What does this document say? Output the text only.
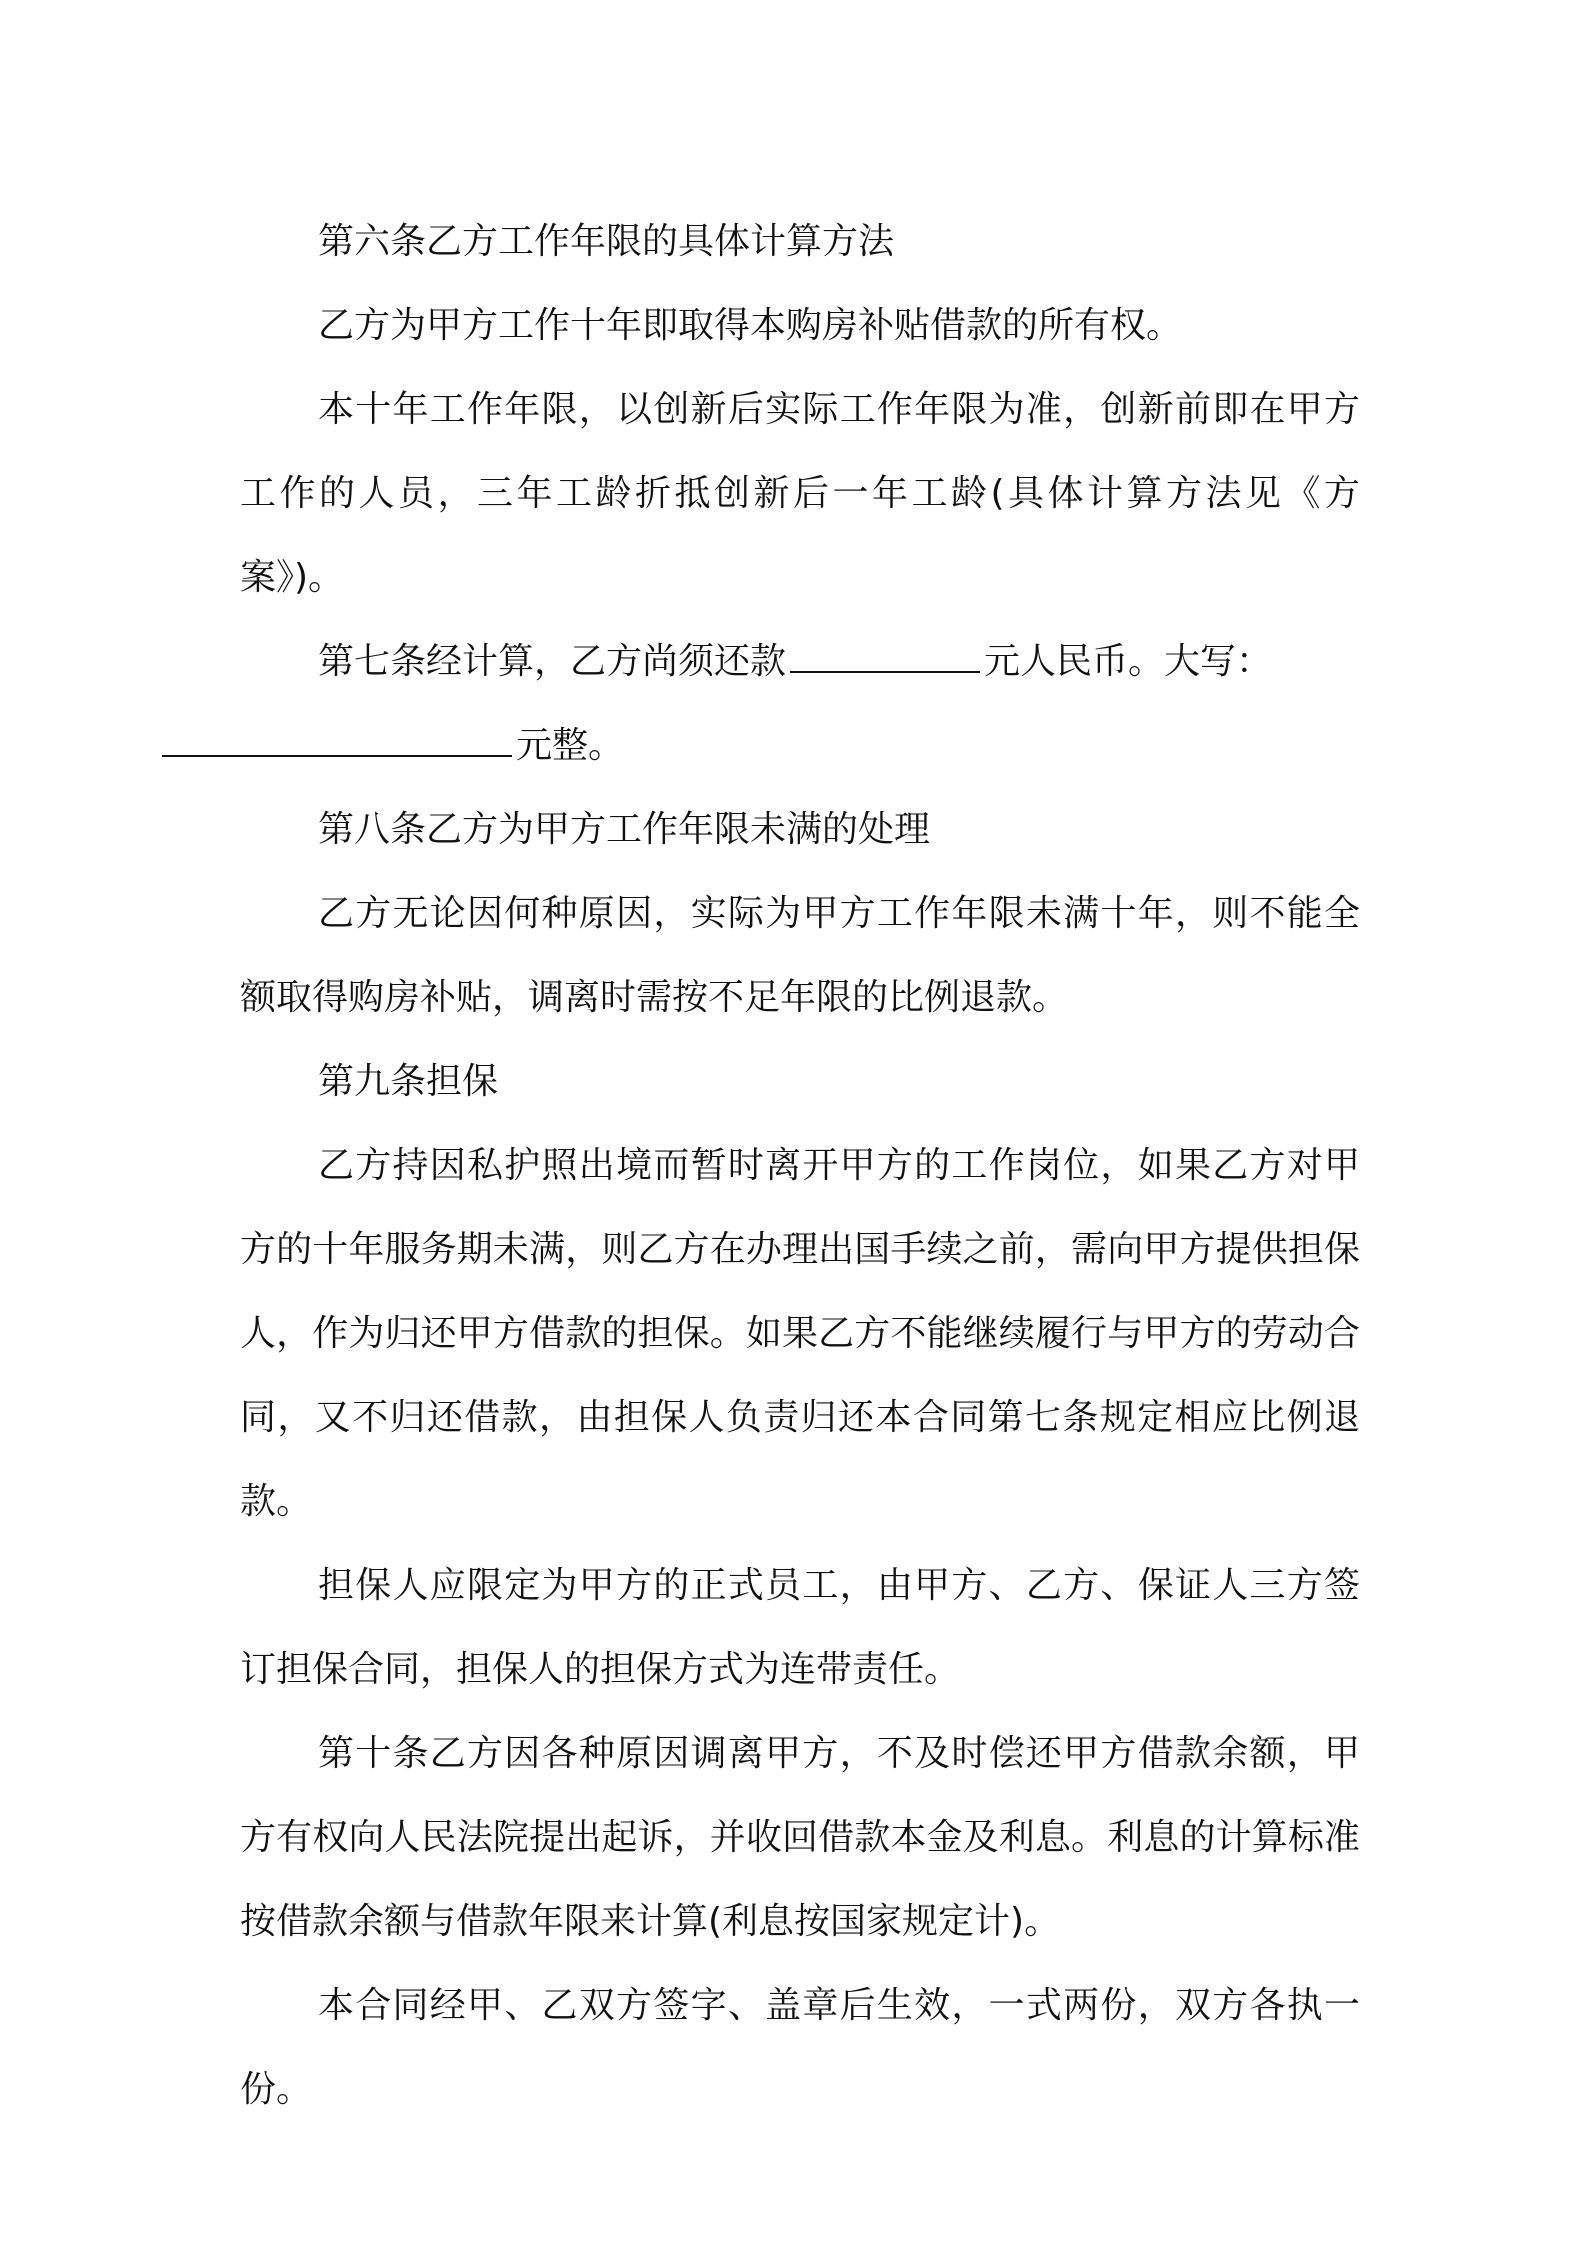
第六条乙方工作年限的具体计算方法

乙方为甲方工作十年即取得本购房补贴借款的所有权。

本十年工作年限，以创新后实际工作年限为准，创新前即在甲方工作的人员，三年工龄折抵创新后一年工龄(具体计算方法见《方案》)。

第七条经计算，乙方尚须还款	元人民币。大写：
元整。

第八条乙方为甲方工作年限未满的处理

乙方无论因何种原因，实际为甲方工作年限未满十年，则不能全额取得购房补贴，调离时需按不足年限的比例退款。

第九条担保

乙方持因私护照出境而暂时离开甲方的工作岗位，如果乙方对甲方的十年服务期未满，则乙方在办理出国手续之前，需向甲方提供担保人，作为归还甲方借款的担保。如果乙方不能继续履行与甲方的劳动合同，又不归还借款，由担保人负责归还本合同第七条规定相应比例退款。

担保人应限定为甲方的正式员工，由甲方、乙方、保证人三方签订担保合同，担保人的担保方式为连带责任。

第十条乙方因各种原因调离甲方，不及时偿还甲方借款余额，甲方有权向人民法院提出起诉，并收回借款本金及利息。利息的计算标准按借款余额与借款年限来计算(利息按国家规定计)。

本合同经甲、乙双方签字、盖章后生效，一式两份，双方各执一份。
